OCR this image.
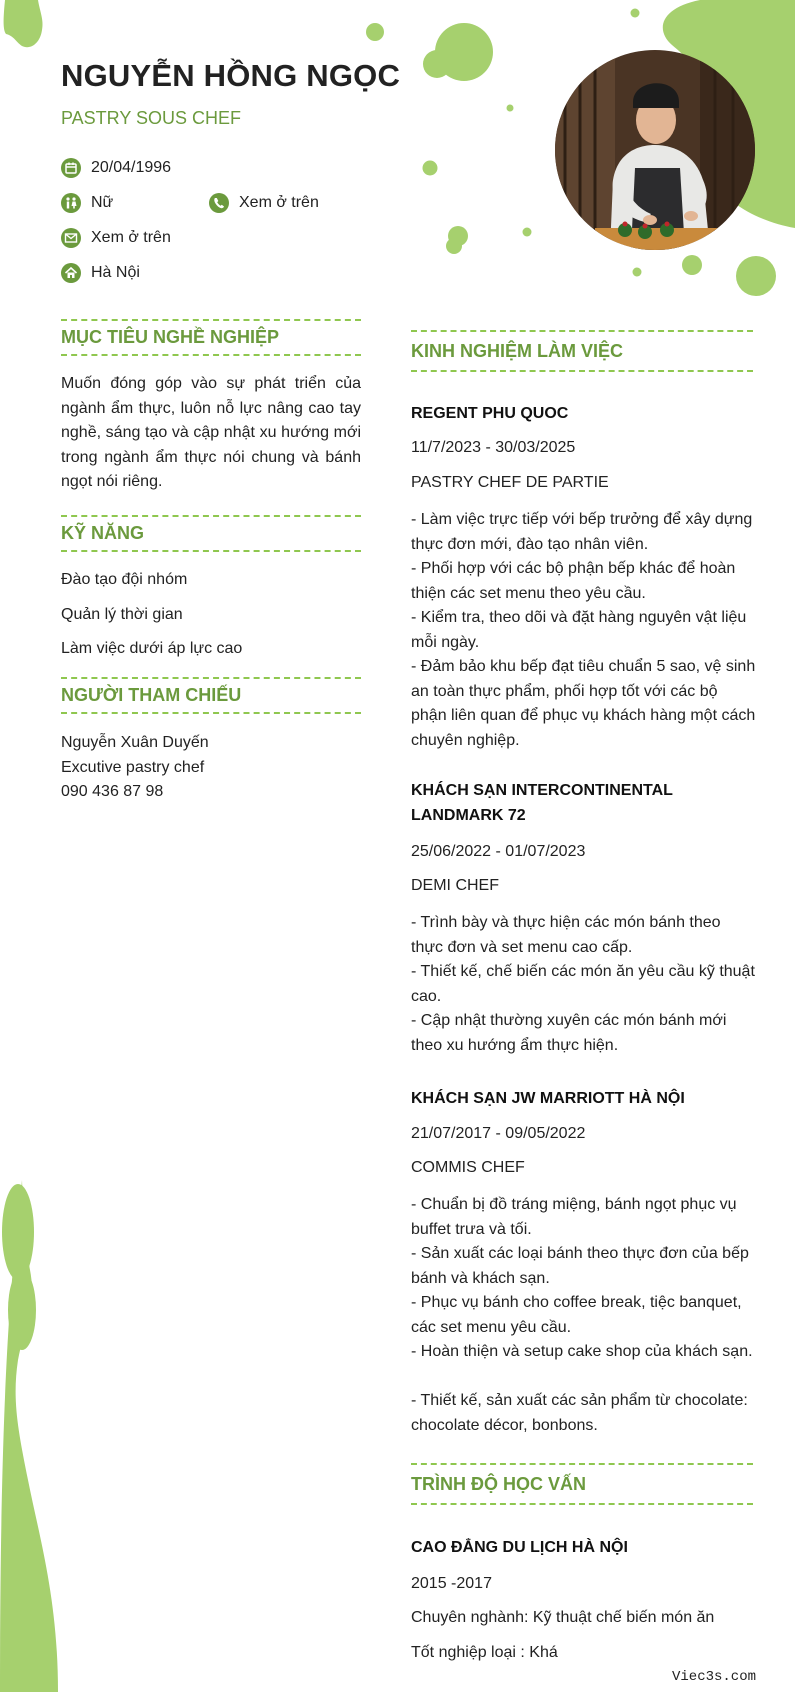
NGUYỄN HỒNG NGỌC
PASTRY SOUS CHEF
20/04/1996
Nữ	Xem ở trên
Xem ở trên
Hà Nội
MỤC TIÊU NGHỀ NGHIỆP
Muốn đóng góp vào sự phát triển của ngành ẩm thực, luôn nỗ lực nâng cao tay nghề, sáng tạo và cập nhật xu hướng mới trong ngành ẩm thực nói chung và bánh ngọt nói riêng.
KỸ NĂNG
Đào tạo đội nhóm
Quản lý thời gian
Làm việc dưới áp lực cao
NGƯỜI THAM CHIẾU
Nguyễn Xuân Duyến
Excutive pastry chef
090 436 87 98
KINH NGHIỆM LÀM VIỆC
REGENT PHU QUOC
11/7/2023 - 30/03/2025
PASTRY CHEF DE PARTIE
- Làm việc trực tiếp với bếp trưởng để xây dựng thực đơn mới, đào tạo nhân viên.
- Phối hợp với các bộ phận bếp khác để hoàn thiện các set menu theo yêu cầu.
- Kiểm tra, theo dõi và đặt hàng nguyên vật liệu mỗi ngày.
- Đảm bảo khu bếp đạt tiêu chuẩn 5 sao, vệ sinh an toàn thực phẩm, phối hợp tốt với các bộ phận liên quan để phục vụ khách hàng một cách chuyên nghiệp.
KHÁCH SẠN INTERCONTINENTAL LANDMARK 72
25/06/2022 - 01/07/2023
DEMI CHEF
- Trình bày và thực hiện các món bánh theo thực đơn và set menu cao cấp.
- Thiết kế, chế biến các món ăn yêu cầu kỹ thuật cao.
- Cập nhật thường xuyên các món bánh mới theo xu hướng ẩm thực hiện.
KHÁCH SẠN JW MARRIOTT HÀ NỘI
21/07/2017 - 09/05/2022
COMMIS CHEF
- Chuẩn bị đồ tráng miệng, bánh ngọt phục vụ buffet trưa và tối.
- Sản xuất các loại bánh theo thực đơn của bếp bánh và khách sạn.
- Phục vụ bánh cho coffee break, tiệc banquet, các set menu yêu cầu.
- Hoàn thiện và setup cake shop của khách sạn.
- Thiết kế, sản xuất các sản phẩm từ chocolate: chocolate décor, bonbons.
TRÌNH ĐỘ HỌC VẤN
CAO ĐẲNG DU LỊCH HÀ NỘI
2015 -2017
Chuyên nghành: Kỹ thuật chế biến món ăn
Tốt nghiệp loại : Khá
Viec3s.com
